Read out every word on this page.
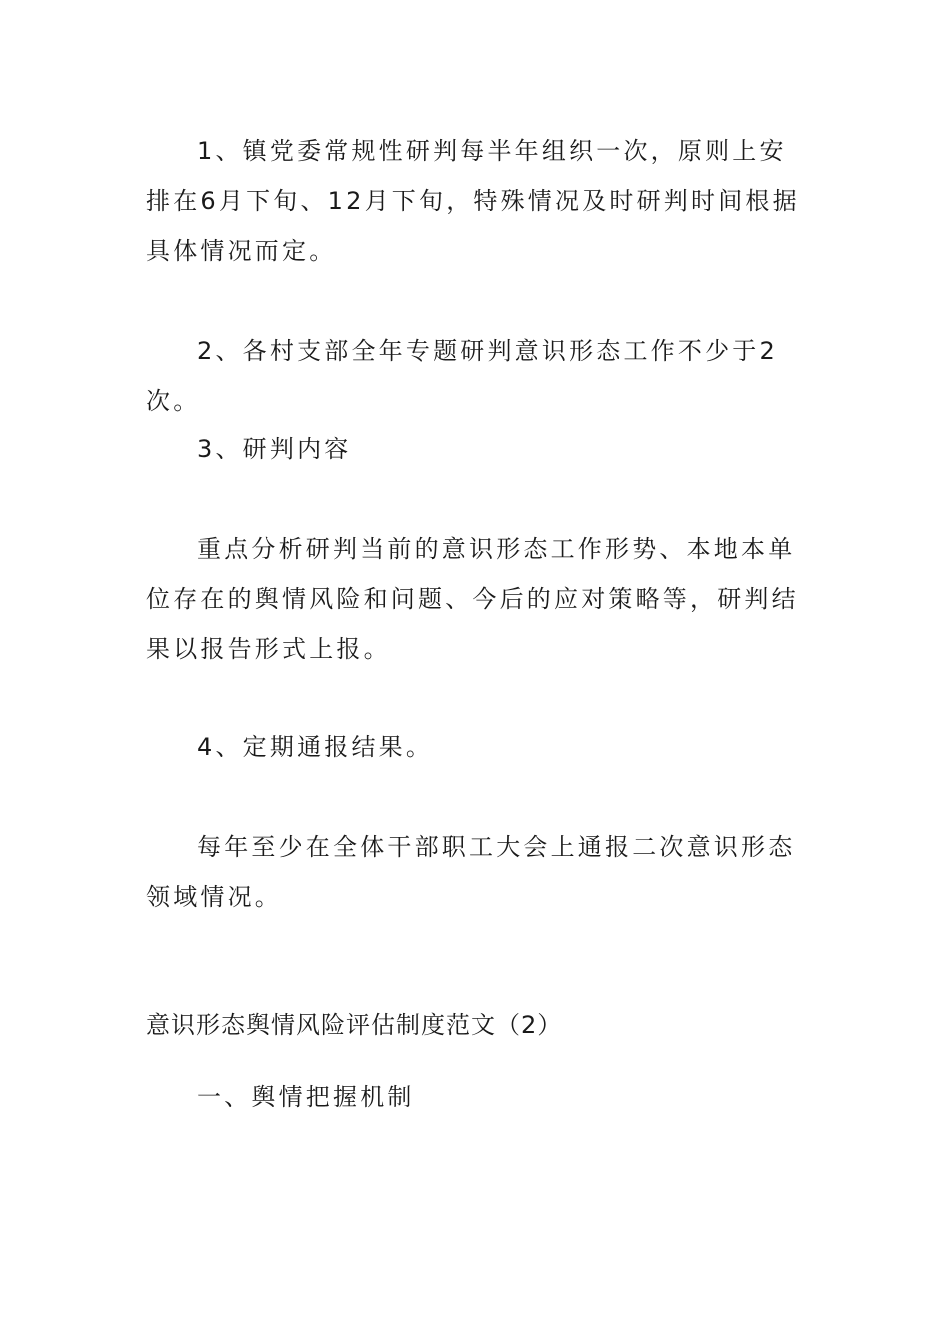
1、镇党委常规性研判每半年组织一次，原则上安排在6月下旬、12月下旬，特殊情况及时研判时间根据具体情况而定。

2、各村支部全年专题研判意识形态工作不少于2次。

3、研判内容

重点分析研判当前的意识形态工作形势、本地本单位存在的舆情风险和问题、今后的应对策略等，研判结果以报告形式上报。

4、定期通报结果。

每年至少在全体干部职工大会上通报二次意识形态领域情况。

意识形态舆情风险评估制度范文（2）

一、舆情把握机制
